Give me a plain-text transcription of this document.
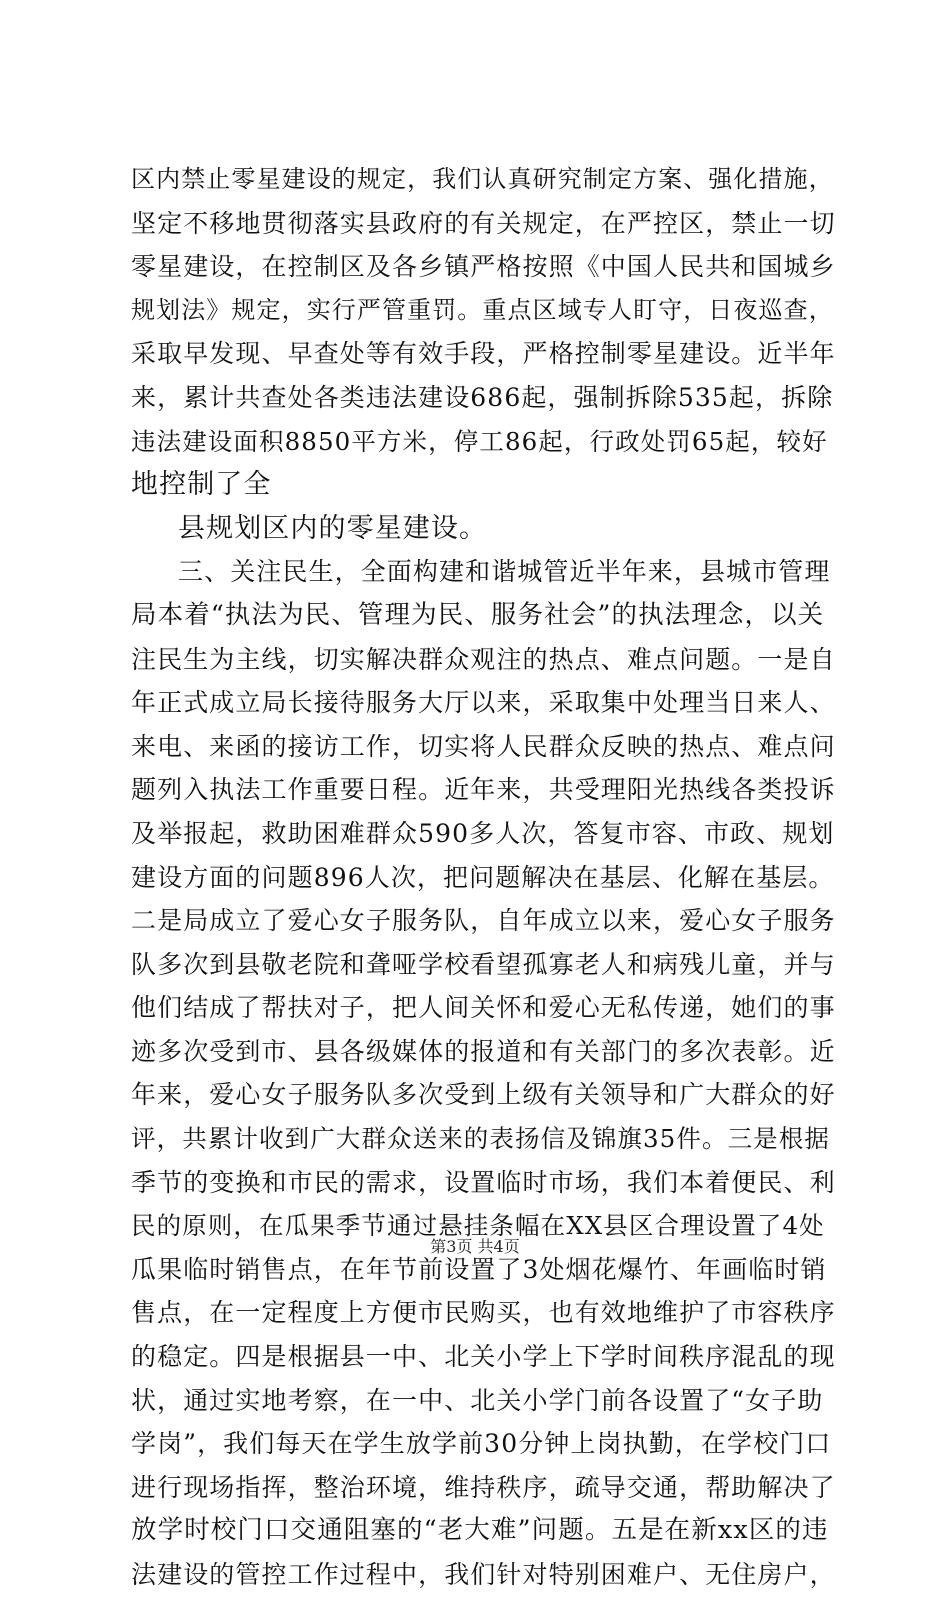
区内禁止零星建设的规定，我们认真研究制定方案、强化措施，
坚定不移地贯彻落实县政府的有关规定，在严控区，禁止一切
零星建设，在控制区及各乡镇严格按照《中国人民共和国城乡
规划法》规定，实行严管重罚。重点区域专人盯守，日夜巡查，
采取早发现、早查处等有效手段，严格控制零星建设。近半年
来，累计共查处各类违法建设686起，强制拆除535起，拆除
违法建设面积8850平方米，停工86起，行政处罚65起，较好
地控制了全
县规划区内的零星建设。
三、关注民生，全面构建和谐城管近半年来，县城市管理
局本着“执法为民、管理为民、服务社会”的执法理念，以关
注民生为主线，切实解决群众观注的热点、难点问题。一是自
年正式成立局长接待服务大厅以来，采取集中处理当日来人、
来电、来函的接访工作，切实将人民群众反映的热点、难点问
题列入执法工作重要日程。近年来，共受理阳光热线各类投诉
及举报起，救助困难群众590多人次，答复市容、市政、规划
建设方面的问题896人次，把问题解决在基层、化解在基层。
二是局成立了爱心女子服务队，自年成立以来，爱心女子服务
队多次到县敬老院和聋哑学校看望孤寡老人和病残儿童，并与
他们结成了帮扶对子，把人间关怀和爱心无私传递，她们的事
迹多次受到市、县各级媒体的报道和有关部门的多次表彰。近
年来，爱心女子服务队多次受到上级有关领导和广大群众的好
评，共累计收到广大群众送来的表扬信及锦旗35件。三是根据
季节的变换和市民的需求，设置临时市场，我们本着便民、利
民的原则，在瓜果季节通过悬挂条幅在XX县区合理设置了4处
瓜果临时销售点，在年节前设置了3处烟花爆竹、年画临时销
售点，在一定程度上方便市民购买，也有效地维护了市容秩序
的稳定。四是根据县一中、北关小学上下学时间秩序混乱的现
状，通过实地考察，在一中、北关小学门前各设置了“女子助
学岗”，我们每天在学生放学前30分钟上岗执勤，在学校门口
进行现场指挥，整治环境，维持秩序，疏导交通，帮助解决了
放学时校门口交通阻塞的“老大难”问题。五是在新xx区的违
法建设的管控工作过程中，我们针对特别困难户、无住房户，
第3页 共4页
